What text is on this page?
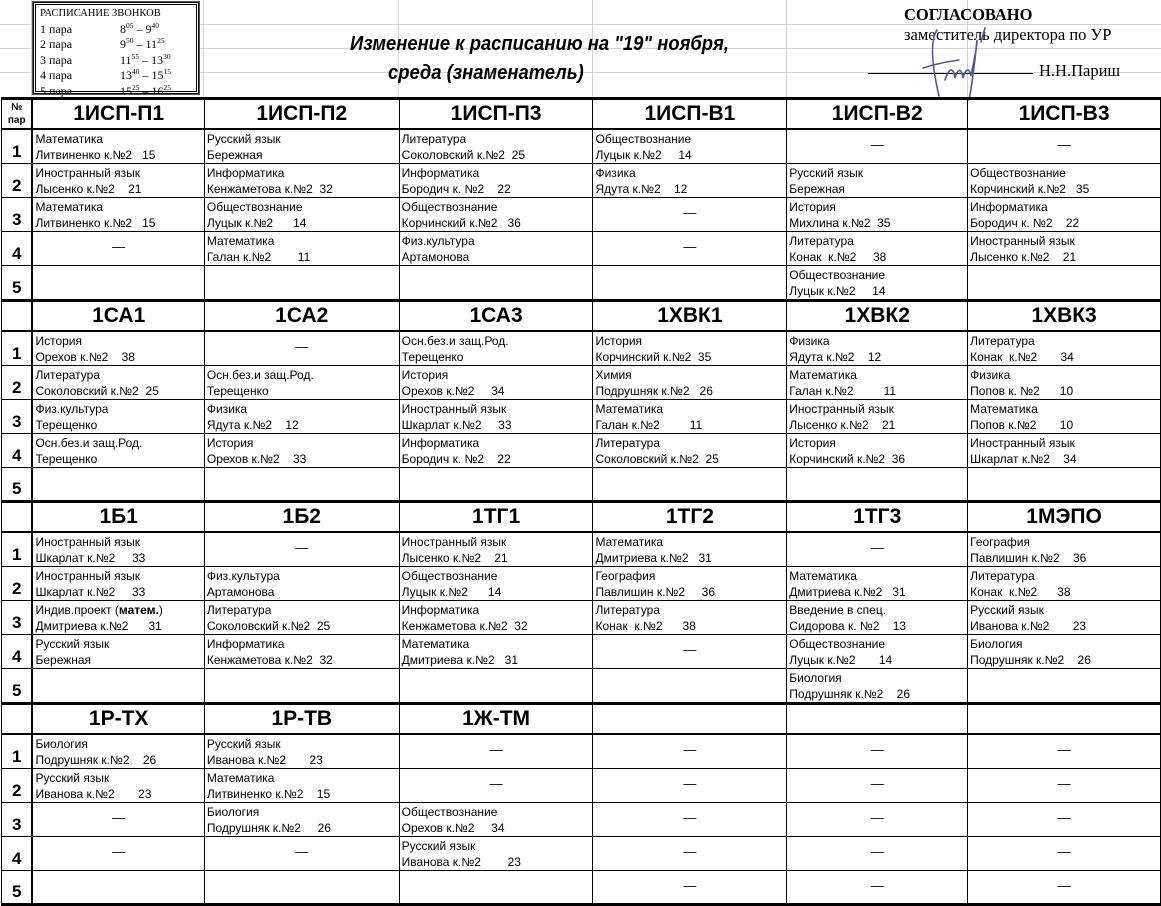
РАСПИСАНИЕ ЗВОНКОВ
1 пара	$8^{05} - 9^{40}$
2 пара	$9^{50} - 11^{25}$
3 пара	$11^{55} - 13^{30}$
4 пара	$13^{40} - 15^{15}$
5 пара	$15^{25} - 16^{25}$
Изменение к расписанию на "19" ноября,
среда (знаменатель)
СОГЛАСОВАНО
заместитель директора по УР
Н.Н.Париш
№
пар	1ИСП-П1	1ИСП-П2	1ИСП-П3	1ИСП-В1	1ИСП-В2	1ИСП-В3
1	Математика
Литвиненко к.№2   15	Русский язык
Бережная	Литература
Соколовский к.№2  25	Обществознание
Луцык к.№2     14	—	—

2	Иностранный язык
Лысенко к.№2    21	Информатика
Кенжаметова к.№2  32	Информатика
Бородич к. №2    22	Физика
Ядута к.№2    12	Русский язык
Бережная	Обществознание
Корчинский к.№2   35

3	Математика
Литвиненко к.№2   15	Обществознание
Луцык к.№2      14	Обществознание
Корчинский к.№2   36	—	История
Михлина к.№2  35	Информатика
Бородич к. №2    22

4	—	Математика
Галан к.№2        11	Физ.культура
Артамонова	—	Литература
Конак  к.№2     38	Иностранный язык
Лысенко к.№2    21

5					Обществознание
Луцык к.№2     14	

	1СА1	1СА2	1СА3	1ХВК1	1ХВК2	1ХВК3
1	История
Орехов к.№2    38	—	Осн.без.и защ.Род.
Терещенко	История
Корчинский к.№2  35	Физика
Ядута к.№2    12	Литература
Конак  к.№2       34

2	Литература
Соколовский к.№2  25	Осн.без.и защ.Род.
Терещенко	История
Орехов к.№2     34	Химия
Подрушняк к.№2   26	Математика
Галан к.№2         11	Физика
Попов к. №2      10

3	Физ.культура
Терещенко	Физика
Ядута к.№2    12	Иностранный язык
Шкарлат к.№2     33	Математика
Галан к.№2         11	Иностранный язык
Лысенко к.№2    21	Математика
Попов к.№2       10

4	Осн.без.и защ.Род.
Терещенко	История
Орехов к.№2    33	Информатика
Бородич к. №2    22	Литература
Соколовский к.№2  25	История
Корчинский к.№2  36	Иностранный язык
Шкарлат к.№2    34

5						
	1Б1	1Б2	1ТГ1	1ТГ2	1ТГ3	1МЭПО
1	Иностранный язык
Шкарлат к.№2     33	—	Иностранный язык
Лысенко к.№2    21	Математика
Дмитриева к.№2   31	—	География
Павлишин к.№2    36

2	Иностранный язык
Шкарлат к.№2     33	Физ.культура
Артамонова	Обществознание
Луцык к.№2      14	География
Павлишин к.№2     36	Математика
Дмитриева к.№2   31	Литература
Конак  к.№2      38

3	Индив.проект (матем.)
Дмитриева к.№2      31	Литература
Соколовский к.№2  25	Информатика
Кенжаметова к.№2  32	Литература
Конак  к.№2      38	Введение в спец.
Сидорова к. №2    13	Русский язык
Иванова к.№2       23

4	Русский язык
Бережная	Информатика
Кенжаметова к.№2  32	Математика
Дмитриева к.№2   31	—	Обществознание
Луцык к.№2       14	Биология
Подрушняк к.№2    26

5					Биология
Подрушняк к.№2    26	

	1Р-ТХ	1Р-ТВ	1Ж-ТМ			
1	Биология
Подрушняк к.№2    26	Русский язык
Иванова к.№2       23	—	—	—	—

2	Русский язык
Иванова к.№2       23	Математика
Литвиненко к.№2    15	—	—	—	—

3	—	Биология
Подрушняк к.№2     26	Обществознание
Орехов к.№2     34	—	—	—

4	—	—	Русский язык
Иванова к.№2        23	—	—	—

5				—	—	—
